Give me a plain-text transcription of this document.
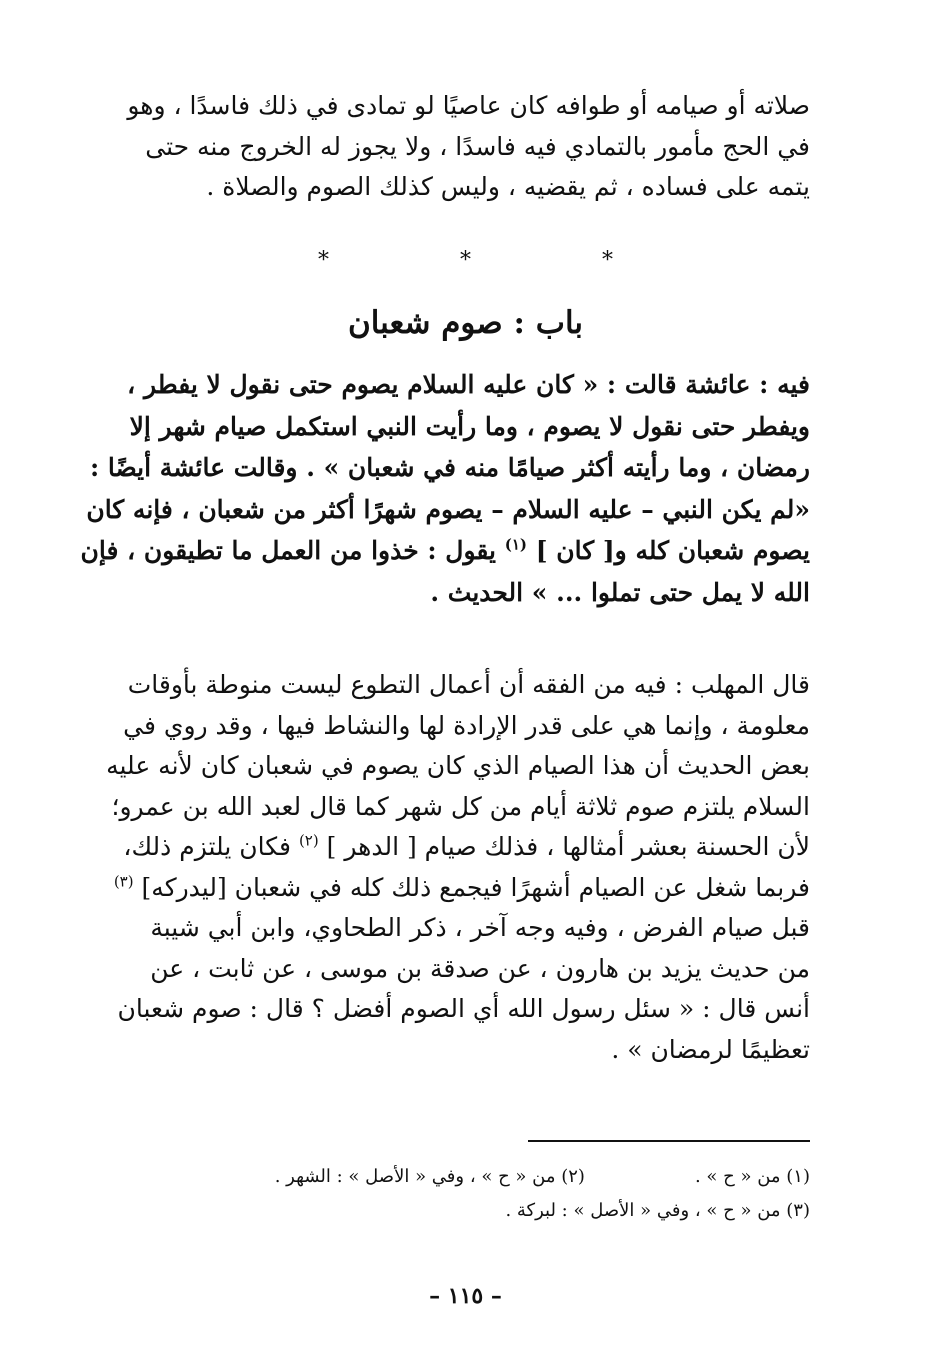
صلاته أو صيامه أو طوافه كان عاصيًا لو تمادى في ذلك فاسدًا ، وهو
في الحج مأمور بالتمادي فيه فاسدًا ، ولا يجوز له الخروج منه حتى
يتمه على فساده ، ثم يقضيه ، وليس كذلك الصوم والصلاة .
* * *
باب : صوم شعبان
فيه : عائشة قالت : « كان عليه السلام يصوم حتى نقول لا يفطر ،
ويفطر حتى نقول لا يصوم ، وما رأيت النبي استكمل صيام شهر إلا
رمضان ، وما رأيته أكثر صيامًا منه في شعبان » . وقالت عائشة أيضًا :
«لم يكن النبي – عليه السلام – يصوم شهرًا أكثر من شعبان ، فإنه كان
يصوم شعبان كله و[ كان ] $^{(١)}$ يقول : خذوا من العمل ما تطيقون ، فإن
الله لا يمل حتى تملوا ... » الحديث .
قال المهلب : فيه من الفقه أن أعمال التطوع ليست منوطة بأوقات
معلومة ، وإنما هي على قدر الإرادة لها والنشاط فيها ، وقد روي في
بعض الحديث أن هذا الصيام الذي كان يصوم في شعبان كان لأنه عليه
السلام يلتزم صوم ثلاثة أيام من كل شهر كما قال لعبد الله بن عمرو؛
لأن الحسنة بعشر أمثالها ، فذلك صيام [ الدهر ] $^{(٢)}$ فكان يلتزم ذلك،
فربما شغل عن الصيام أشهرًا فيجمع ذلك كله في شعبان [ليدركه] $^{(٣)}$
قبل صيام الفرض ، وفيه وجه آخر ، ذكر الطحاوي، وابن أبي شيبة
من حديث يزيد بن هارون ، عن صدقة بن موسى ، عن ثابت ، عن
أنس قال : « سئل رسول الله أي الصوم أفضل ؟ قال : صوم شعبان
تعظيمًا لرمضان » .
(١) من « ح » .
(٢) من « ح » ، وفي « الأصل » : الشهر .
(٣) من « ح » ، وفي « الأصل » : لبركة .
– ١١٥ –
